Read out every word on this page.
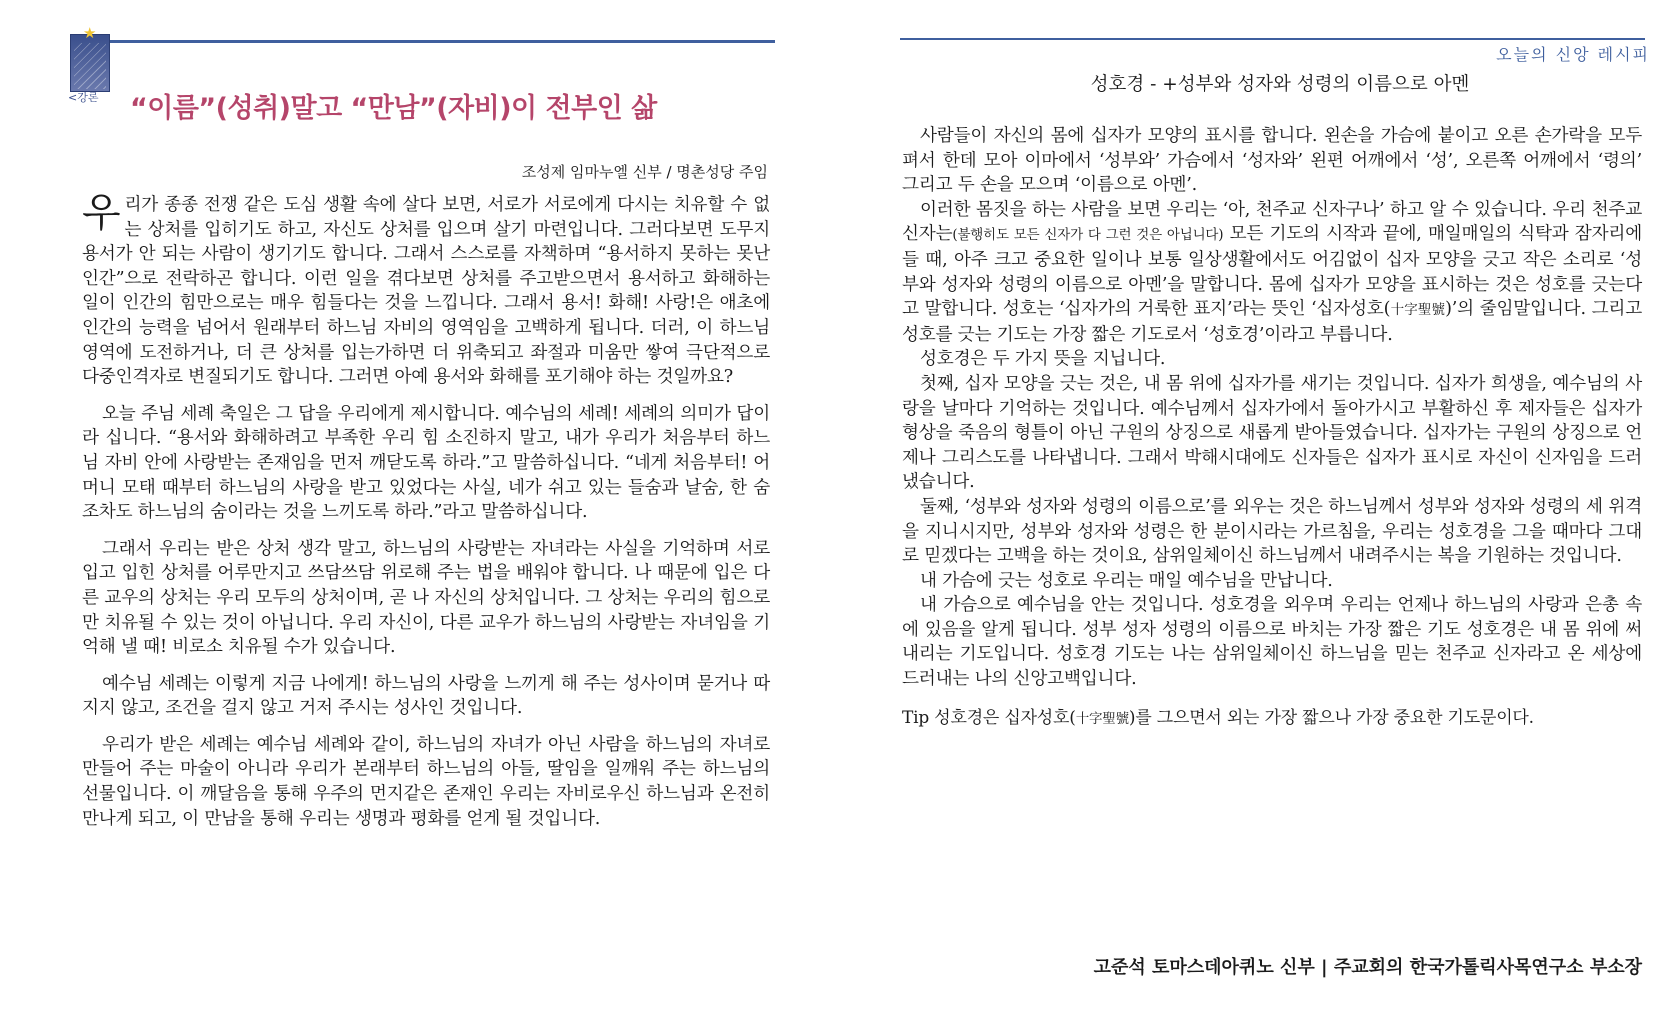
★
<강론 “이름”(성취)말고 “만남”(자비)이 전부인 삶
조성제 임마누엘 신부 / 명촌성당 주임

우리가 종종 전쟁 같은 도심 생활 속에 살다 보면, 서로가 서로에게 다시는 치유할 수 없는 상처를 입히기도 하고, 자신도 상처를 입으며 살기 마련입니다. 그러다보면 도무지 용서가 안 되는 사람이 생기기도 합니다. 그래서 스스로를 자책하며 “용서하지 못하는 못난 인간”으로 전락하곤 합니다. 이런 일을 겪다보면 상처를 주고받으면서 용서하고 화해하는 일이 인간의 힘만으로는 매우 힘들다는 것을 느낍니다. 그래서 용서! 화해! 사랑!은 애초에 인간의 능력을 넘어서 원래부터 하느님 자비의 영역임을 고백하게 됩니다. 더러, 이 하느님 영역에 도전하거나, 더 큰 상처를 입는가하면 더 위축되고 좌절과 미움만 쌓여 극단적으로 다중인격자로 변질되기도 합니다. 그러면 아예 용서와 화해를 포기해야 하는 것일까요?

오늘 주님 세례 축일은 그 답을 우리에게 제시합니다. 예수님의 세례! 세례의 의미가 답이라 십니다. “용서와 화해하려고 부족한 우리 힘 소진하지 말고, 내가 우리가 처음부터 하느님 자비 안에 사랑받는 존재임을 먼저 깨닫도록 하라.”고 말씀하십니다. “네게 처음부터! 어머니 모태 때부터 하느님의 사랑을 받고 있었다는 사실, 네가 쉬고 있는 들숨과 날숨, 한 숨조차도 하느님의 숨이라는 것을 느끼도록 하라.”라고 말씀하십니다.

그래서 우리는 받은 상처 생각 말고, 하느님의 사랑받는 자녀라는 사실을 기억하며 서로 입고 입힌 상처를 어루만지고 쓰담쓰담 위로해 주는 법을 배워야 합니다. 나 때문에 입은 다른 교우의 상처는 우리 모두의 상처이며, 곧 나 자신의 상처입니다. 그 상처는 우리의 힘으로만 치유될 수 있는 것이 아닙니다. 우리 자신이, 다른 교우가 하느님의 사랑받는 자녀임을 기억해 낼 때! 비로소 치유될 수가 있습니다.

예수님 세례는 이렇게 지금 나에게! 하느님의 사랑을 느끼게 해 주는 성사이며 묻거나 따지지 않고, 조건을 걸지 않고 거저 주시는 성사인 것입니다.

우리가 받은 세례는 예수님 세례와 같이, 하느님의 자녀가 아닌 사람을 하느님의 자녀로 만들어 주는 마술이 아니라 우리가 본래부터 하느님의 아들, 딸임을 일깨워 주는 하느님의 선물입니다. 이 깨달음을 통해 우주의 먼지같은 존재인 우리는 자비로우신 하느님과 온전히 만나게 되고, 이 만남을 통해 우리는 생명과 평화를 얻게 될 것입니다.

오늘의 신앙 레시피
성호경 - +성부와 성자와 성령의 이름으로 아멘

사람들이 자신의 몸에 십자가 모양의 표시를 합니다. 왼손을 가슴에 붙이고 오른 손가락을 모두 펴서 한데 모아 이마에서 ‘성부와’ 가슴에서 ‘성자와’ 왼편 어깨에서 ‘성’, 오른쪽 어깨에서 ‘령의’ 그리고 두 손을 모으며 ‘이름으로 아멘’.

이러한 몸짓을 하는 사람을 보면 우리는 ‘아, 천주교 신자구나’ 하고 알 수 있습니다. 우리 천주교 신자는(불행히도 모든 신자가 다 그런 것은 아닙니다) 모든 기도의 시작과 끝에, 매일매일의 식탁과 잠자리에 들 때, 아주 크고 중요한 일이나 보통 일상생활에서도 어김없이 십자 모양을 긋고 작은 소리로 ‘성부와 성자와 성령의 이름으로 아멘’을 말합니다. 몸에 십자가 모양을 표시하는 것은 성호를 긋는다고 말합니다. 성호는 ‘십자가의 거룩한 표지’라는 뜻인 ‘십자성호(十字聖號)’의 줄임말입니다. 그리고 성호를 긋는 기도는 가장 짧은 기도로서 ‘성호경’이라고 부릅니다.

성호경은 두 가지 뜻을 지닙니다.

첫째, 십자 모양을 긋는 것은, 내 몸 위에 십자가를 새기는 것입니다. 십자가 희생을, 예수님의 사랑을 날마다 기억하는 것입니다. 예수님께서 십자가에서 돌아가시고 부활하신 후 제자들은 십자가 형상을 죽음의 형틀이 아닌 구원의 상징으로 새롭게 받아들였습니다. 십자가는 구원의 상징으로 언제나 그리스도를 나타냅니다. 그래서 박해시대에도 신자들은 십자가 표시로 자신이 신자임을 드러냈습니다.

둘째, ‘성부와 성자와 성령의 이름으로’를 외우는 것은 하느님께서 성부와 성자와 성령의 세 위격을 지니시지만, 성부와 성자와 성령은 한 분이시라는 가르침을, 우리는 성호경을 그을 때마다 그대로 믿겠다는 고백을 하는 것이요, 삼위일체이신 하느님께서 내려주시는 복을 기원하는 것입니다.

내 가슴에 긋는 성호로 우리는 매일 예수님을 만납니다.

내 가슴으로 예수님을 안는 것입니다. 성호경을 외우며 우리는 언제나 하느님의 사랑과 은총 속에 있음을 알게 됩니다. 성부 성자 성령의 이름으로 바치는 가장 짧은 기도 성호경은 내 몸 위에 써 내리는 기도입니다. 성호경 기도는 나는 삼위일체이신 하느님을 믿는 천주교 신자라고 온 세상에 드러내는 나의 신앙고백입니다.

Tip 성호경은 십자성호(十字聖號)를 그으면서 외는 가장 짧으나 가장 중요한 기도문이다.

고준석 토마스데아퀴노 신부 | 주교회의 한국가톨릭사목연구소 부소장
